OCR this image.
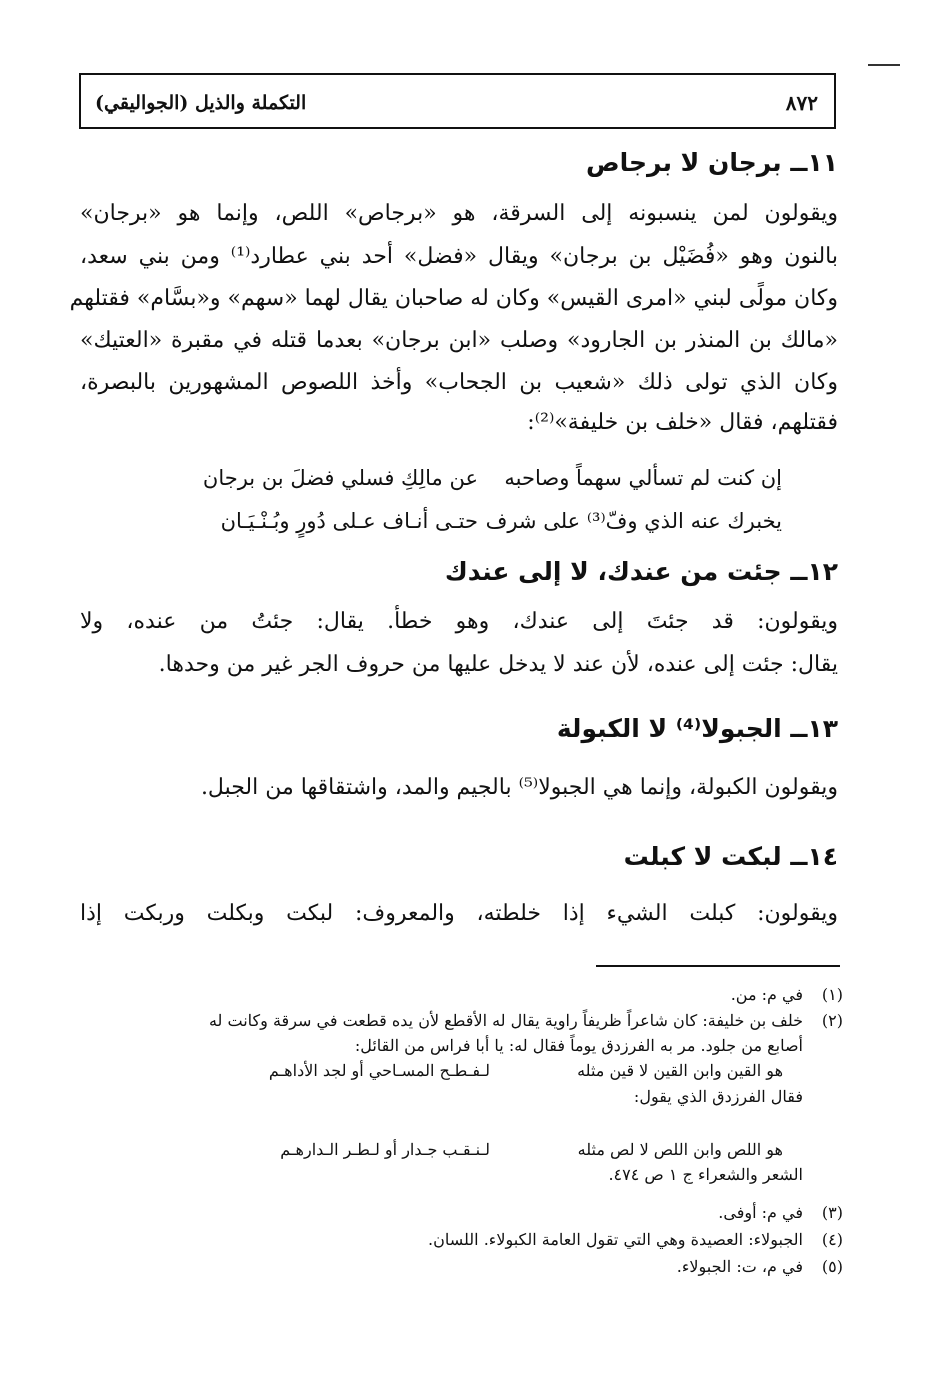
التكملة والذيل (الجواليقي)	٨٧٢
١١ــ برجان لا برجاص
ويقولون لمن ينسبونه إلى السرقة، هو «برجاص» اللص، وإنما هو «برجان»
بالنون وهو «فُضَيْل بن برجان» ويقال «فضل» أحد بني عطارد⁽¹⁾ ومن بني سعد،
وكان مولًى لبني «امرى القيس» وكان له صاحبان يقال لهما «سهم» و«بسَّام» فقتلهم
«مالك بن المنذر بن الجارود» وصلب «ابن برجان» بعدما قتله في مقبرة «العتيك»
وكان الذي تولى ذلك «شعيب بن الجحاب» وأخذ اللصوص المشهورين بالبصرة،
فقتلهم، فقال «خلف بن خليفة»⁽²⁾:
إن كنت لم تسألي سهماً وصاحبه
عن مالِكِ فسلي فضلَ بن برجان
يخبرك عنه الذي وفّ⁽³⁾ على شرف
حتـى أنـاف عـلى دُورٍ وبُـنْـيَـان
١٢ــ جئت من عندك، لا إلى عندك
ويقولون: قد جئتَ إلى عندك، وهو خطأ. يقال: جئتُ من عنده، ولا
يقال: جئت إلى عنده، لأن عند لا يدخل عليها من حروف الجر غير من وحدها.
١٣ــ الجبولا⁽⁴⁾ لا الكبولة
ويقولون الكبولة، وإنما هي الجبولا⁽⁵⁾ بالجيم والمد، واشتقاقها من الجبل.
١٤ــ لبكت لا كبلت
ويقولون: كبلت الشيء إذا خلطته، والمعروف: لبكت وبكلت وربكت إذا
(١)في م: من.
(٢)خلف بن خليفة: كان شاعراً ظريفاً راوية يقال له الأقطع لأن يده قطعت في سرقة وكانت له
أصابع من جلود. مر به الفرزدق يوماً فقال له: يا أبا فراس من القائل:
هو القين وابن القين لا قين مثله
لـفـطـح المسـاحي أو لجد الأداهـم
فقال الفرزدق الذي يقول:
هو اللص وابن اللص لا لص مثله
لـنـقـب جـدار أو لـطـر الـدارهـم
الشعر والشعراء ج ١ ص ٤٧٤.
(٣)في م: أوفى.
(٤)الجبولاء: العصيدة وهي التي تقول العامة الكبولاء. اللسان.
(٥)في م، ت: الجبولاء.
